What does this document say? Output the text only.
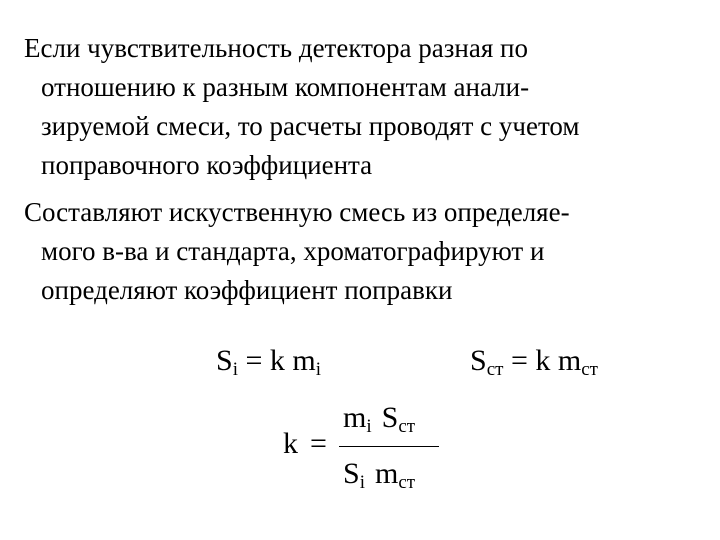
Если чувствительность детектора разная по
отношению к разным компонентам анали-
зируемой смеси, то расчеты проводят с учетом
поправочного коэффициента
Составляют искуственную смесь из определяе-
мого в-ва и стандарта, хроматографируют и
определяют коэффициент поправки
$S_i = k$ $m_i$	$S_{ст} = k$ $m_{ст}$
k =
$m_i$ $S_{ст}$
$S_i$ $m_{ст}$
